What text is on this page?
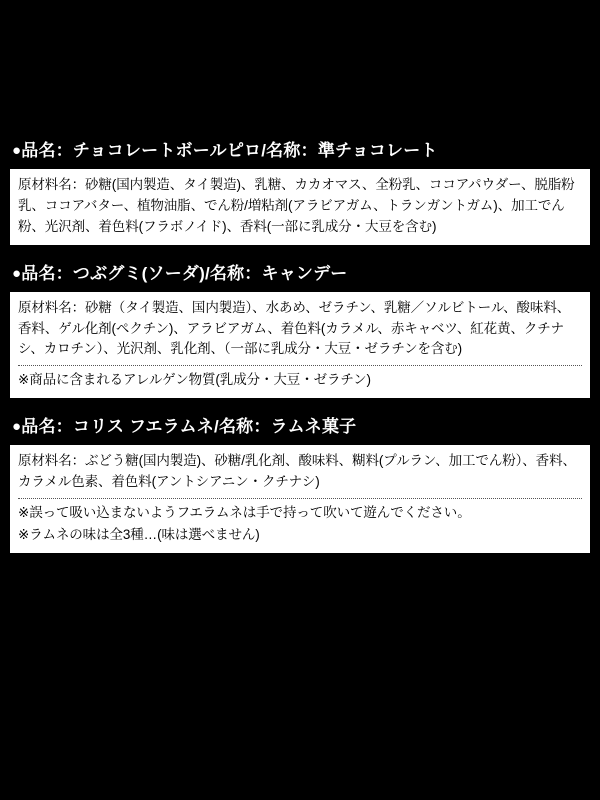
●品名：チョコレートボールピロ/名称：準チョコレート

原材料名：砂糖(国内製造、タイ製造)、乳糖、カカオマス、全粉乳、ココアパウダー、脱脂粉乳、ココアバター、植物油脂、でん粉/増粘剤(アラビアガム、トランガントガム)、加工でん粉、光沢剤、着色料(フラボノイド)、香料(一部に乳成分・大豆を含む)

●品名：つぶグミ(ソーダ)/名称：キャンデー

原材料名：砂糖（タイ製造、国内製造）、水あめ、ゼラチン、乳糖／ソルビトール、酸味料、香料、ゲル化剤(ペクチン)、アラビアガム、着色料(カラメル、赤キャベツ、紅花黄、クチナシ、カロチン）、光沢剤、乳化剤、（一部に乳成分・大豆・ゼラチンを含む)

※商品に含まれるアレルゲン物質(乳成分・大豆・ゼラチン)

●品名：コリス フエラムネ/名称：ラムネ菓子

原材料名：ぶどう糖(国内製造)、砂糖/乳化剤、酸味料、糊料(プルラン、加工でん粉）、香料、カラメル色素、着色料(アントシアニン・クチナシ)

※誤って吸い込まないようフエラムネは手で持って吹いて遊んでください。

※ラムネの味は全3種…(味は選べません)
